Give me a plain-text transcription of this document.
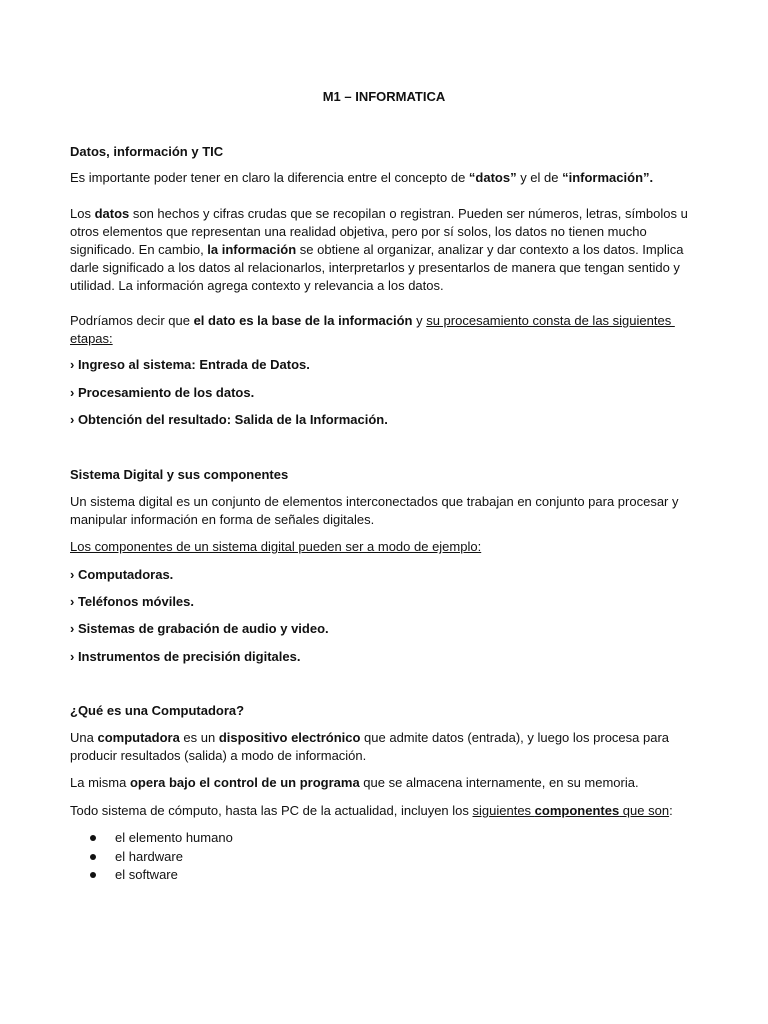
M1 – INFORMATICA
Datos, información y TIC
Es importante poder tener en claro la diferencia entre el concepto de “datos” y el de “información”.
Los datos son hechos y cifras crudas que se recopilan o registran. Pueden ser números, letras, símbolos u
otros elementos que representan una realidad objetiva, pero por sí solos, los datos no tienen mucho
significado. En cambio, la información se obtiene al organizar, analizar y dar contexto a los datos. Implica
darle significado a los datos al relacionarlos, interpretarlos y presentarlos de manera que tengan sentido y
utilidad. La información agrega contexto y relevancia a los datos.
Podríamos decir que el dato es la base de la información y su procesamiento consta de las siguientes
etapas:
› Ingreso al sistema: Entrada de Datos.
› Procesamiento de los datos.
› Obtención del resultado: Salida de la Información.
Sistema Digital y sus componentes
Un sistema digital es un conjunto de elementos interconectados que trabajan en conjunto para procesar y
manipular información en forma de señales digitales.
Los componentes de un sistema digital pueden ser a modo de ejemplo:
› Computadoras.
› Teléfonos móviles.
› Sistemas de grabación de audio y video.
› Instrumentos de precisión digitales.
¿Qué es una Computadora?
Una computadora es un dispositivo electrónico que admite datos (entrada), y luego los procesa para
producir resultados (salida) a modo de información.
La misma opera bajo el control de un programa que se almacena internamente, en su memoria.
Todo sistema de cómputo, hasta las PC de la actualidad, incluyen los siguientes componentes que son:
el elemento humano
el hardware
el software
